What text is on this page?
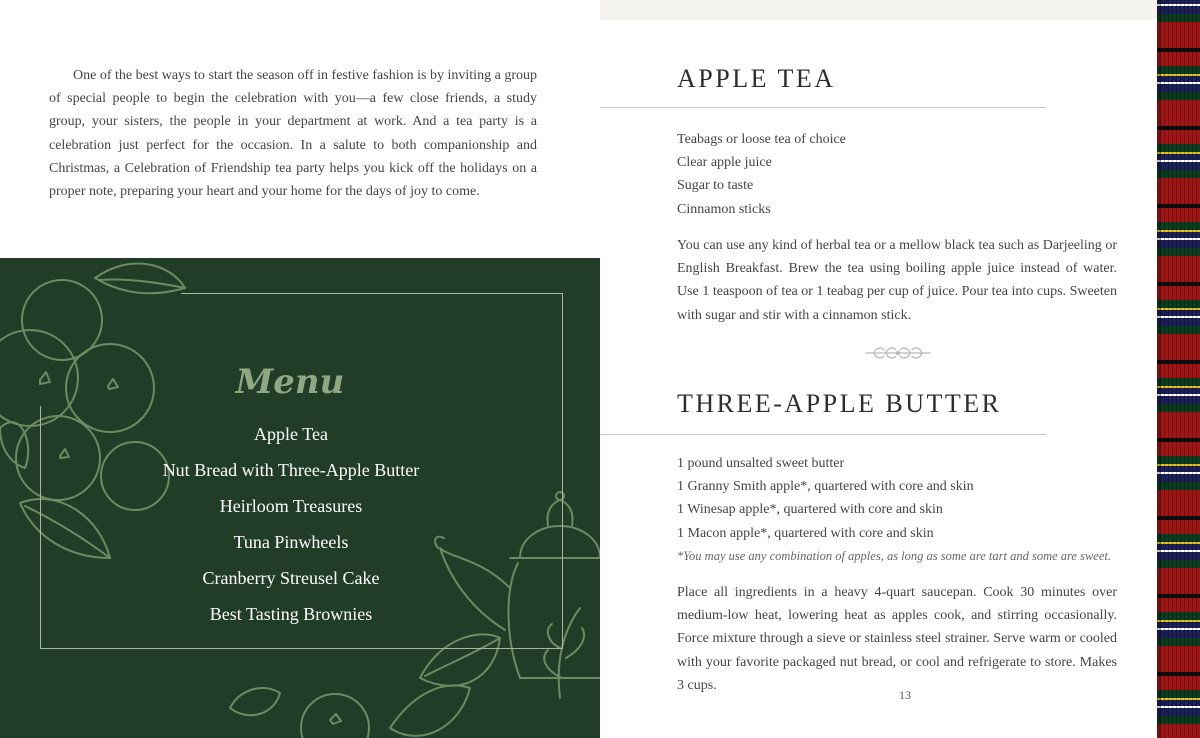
One of the best ways to start the season off in festive fashion is by inviting a group of special people to begin the celebration with you—a few close friends, a study group, your sisters, the people in your department at work. And a tea party is a celebration just perfect for the occasion. In a salute to both companionship and Christmas, a Celebration of Friendship tea party helps you kick off the holidays on a proper note, preparing your heart and your home for the days of joy to come.

Menu
Apple Tea
Nut Bread with Three-Apple Butter
Heirloom Treasures
Tuna Pinwheels
Cranberry Streusel Cake
Best Tasting Brownies
APPLE TEA
Teabags or loose tea of choice
Clear apple juice
Sugar to taste
Cinnamon sticks

You can use any kind of herbal tea or a mellow black tea such as Darjeeling or English Breakfast. Brew the tea using boiling apple juice instead of water. Use 1 teaspoon of tea or 1 teabag per cup of juice. Pour tea into cups. Sweeten with sugar and stir with a cinnamon stick.

THREE-APPLE BUTTER
1 pound unsalted sweet butter
1 Granny Smith apple*, quartered with core and skin
1 Winesap apple*, quartered with core and skin
1 Macon apple*, quartered with core and skin
*You may use any combination of apples, as long as some are tart and some are sweet.

Place all ingredients in a heavy 4-quart saucepan. Cook 30 minutes over medium-low heat, lowering heat as apples cook, and stirring occasionally. Force mixture through a sieve or stainless steel strainer. Serve warm or cooled with your favorite packaged nut bread, or cool and refrigerate to store. Makes 3 cups.

13
